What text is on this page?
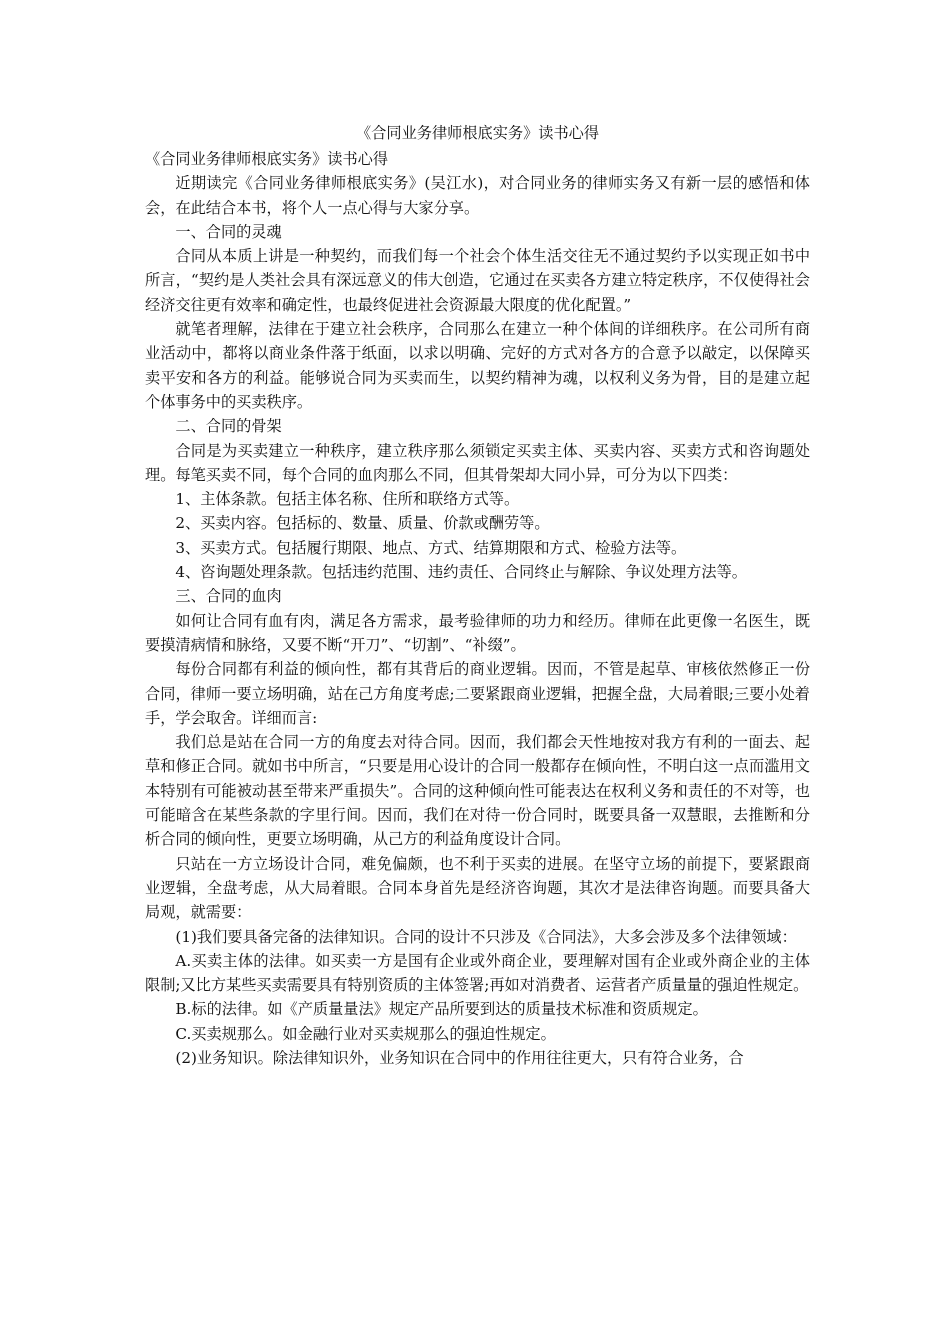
《合同业务律师根底实务》读书心得
《合同业务律师根底实务》读书心得

近期读完《合同业务律师根底实务》(吴江水)，对合同业务的律师实务又有新一层的感悟和体会，在此结合本书，将个人一点心得与大家分享。

一、合同的灵魂

合同从本质上讲是一种契约，而我们每一个社会个体生活交往无不通过契约予以实现正如书中所言，“契约是人类社会具有深远意义的伟大创造，它通过在买卖各方建立特定秩序，不仅使得社会经济交往更有效率和确定性，也最终促进社会资源最大限度的优化配置。”

就笔者理解，法律在于建立社会秩序，合同那么在建立一种个体间的详细秩序。在公司所有商业活动中，都将以商业条件落于纸面，以求以明确、完好的方式对各方的合意予以敲定，以保障买卖平安和各方的利益。能够说合同为买卖而生，以契约精神为魂，以权利义务为骨，目的是建立起个体事务中的买卖秩序。

二、合同的骨架

合同是为买卖建立一种秩序，建立秩序那么须锁定买卖主体、买卖内容、买卖方式和咨询题处理。每笔买卖不同，每个合同的血肉那么不同，但其骨架却大同小异，可分为以下四类：

1、主体条款。包括主体名称、住所和联络方式等。

2、买卖内容。包括标的、数量、质量、价款或酬劳等。

3、买卖方式。包括履行期限、地点、方式、结算期限和方式、检验方法等。

4、咨询题处理条款。包括违约范围、违约责任、合同终止与解除、争议处理方法等。

三、合同的血肉

如何让合同有血有肉，满足各方需求，最考验律师的功力和经历。律师在此更像一名医生，既要摸清病情和脉络，又要不断“开刀”、“切割”、“补缀”。

每份合同都有利益的倾向性，都有其背后的商业逻辑。因而，不管是起草、审核依然修正一份合同，律师一要立场明确，站在己方角度考虑;二要紧跟商业逻辑，把握全盘，大局着眼;三要小处着手，学会取舍。详细而言:

我们总是站在合同一方的角度去对待合同。因而，我们都会天性地按对我方有利的一面去、起草和修正合同。就如书中所言，“只要是用心设计的合同一般都存在倾向性，不明白这一点而滥用文本特别有可能被动甚至带来严重损失”。合同的这种倾向性可能表达在权利义务和责任的不对等，也可能暗含在某些条款的字里行间。因而，我们在对待一份合同时，既要具备一双慧眼，去推断和分析合同的倾向性，更要立场明确，从己方的利益角度设计合同。

只站在一方立场设计合同，难免偏颇，也不利于买卖的进展。在坚守立场的前提下，要紧跟商业逻辑，全盘考虑，从大局着眼。合同本身首先是经济咨询题，其次才是法律咨询题。而要具备大局观，就需要：

(1)我们要具备完备的法律知识。合同的设计不只涉及《合同法》，大多会涉及多个法律领域：

A.买卖主体的法律。如买卖一方是国有企业或外商企业，要理解对国有企业或外商企业的主体限制;又比方某些买卖需要具有特别资质的主体签署;再如对消费者、运营者产质量量的强迫性规定。

B.标的法律。如《产质量量法》规定产品所要到达的质量技术标准和资质规定。

C.买卖规那么。如金融行业对买卖规那么的强迫性规定。

(2)业务知识。除法律知识外，业务知识在合同中的作用往往更大，只有符合业务，合
